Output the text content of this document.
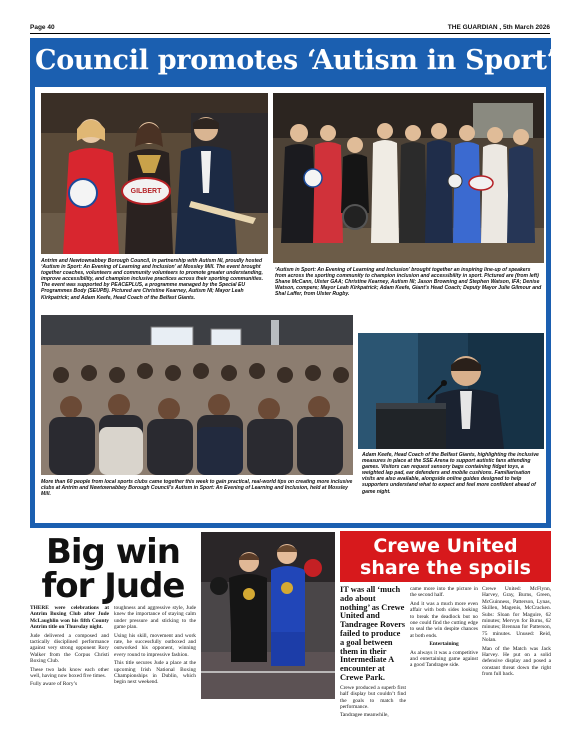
Page 40	THE GUARDIAN , 5th March 2026
Council promotes ‘Autism in Sport’
GILBERT
Antrim and Newtownabbey Borough Council, in partnership with Autism NI, proudly hosted ‘Autism in Sport: An Evening of Learning and Inclusion’ at Mossley Mill. The event brought together coaches, volunteers and community volunteers to promote greater understanding, improve accessibility, and champion inclusive practices across their sporting communities. The event was supported by PEACEPLUS, a programme managed by the Special EU Programmes Body (SEUPB). Pictured are Christine Kearney, Autism NI; Mayor Leah Kirkpatrick; and Adam Keefe, Head Coach of the Belfast Giants.
‘Autism in Sport: An Evening of Learning and Inclusion’ brought together an inspiring line-up of speakers from across the sporting community to champion inclusion and accessibility in sport. Pictured are (from left) Shane McCann, Ulster GAA; Christine Kearney, Autism NI; Jason Browning and Stephen Watson, IFA; Denise Watson, compere; Mayor Leah Kirkpatrick; Adam Keefe, Giant’s Head Coach; Deputy Mayor Julie Gilmour and Shal Laffer, from Ulster Rugby.
Adam Keefe, Head Coach of the Belfast Giants, highlighting the inclusive measures in place at the SSE Arena to support autistic fans attending games. Visitors can request sensory bags containing fidget toys, a weighted lap pad, ear defenders and mobile cushions. Familiarisation visits are also available, alongside online guides designed to help supporters understand what to expect and feel more confident ahead of game night.
More than 60 people from local sports clubs came together this week to gain practical, real-world tips on creating more inclusive clubs at Antrim and Newtownabbey Borough Council’s Autism in Sport: An Evening of Learning and Inclusion, held at Mossley Mill.
Big win
for Jude

THERE were celebrations at Antrim Boxing Club after Jude McLaughlin won his fifth County Antrim title on Thursday night.

Jude delivered a composed and tactically disciplined performance against very strong opponent Rory Walker from the Corpus Christi Boxing Club.

These two lads know each other well, having now boxed five times.

Fully aware of Rory’s

toughness and aggressive style, Jude knew the importance of staying calm under pressure and sticking to the game plan.

Using his skill, movement and work rate, he successfully outboxed and outworked his opponent, winning every round to impressive fashion.

This title secures Jude a place at the upcoming Irish National Boxing Championships in Dublin, which begin next weekend.

Crewe United
share the spoils

IT was all ‘much ado about nothing’ as Crewe United and Tandragee Rovers failed to produce a goal between them in their Intermediate A encounter at Crewe Park.

Crewe produced a superb first half display but couldn’t find the goals to match the performance.

Tandragee meanwhile,

came more into the picture in the second half.

And it was a much more even affair with both sides looking to break the deadlock but no one could find the cutting edge to seal the win despite chances at both ends.

Entertaining

As always it was a competitive and entertaining game against a good Tandragee side.

Crewe United: McFlynn, Harvey, Gray, Burns, Green, McGuinness, Patterson, Lynas, Skillen, Magenis, McCracken. Subs: Sloan for Maguire, 62 minutes; Mervyn for Burns, 62 minutes; Brennan for Patterson, 75 minutes. Unused: Reid, Nolan.

Man of the Match was Jack Harvey. He put on a solid defensive display and posed a constant threat down the right from full back.
